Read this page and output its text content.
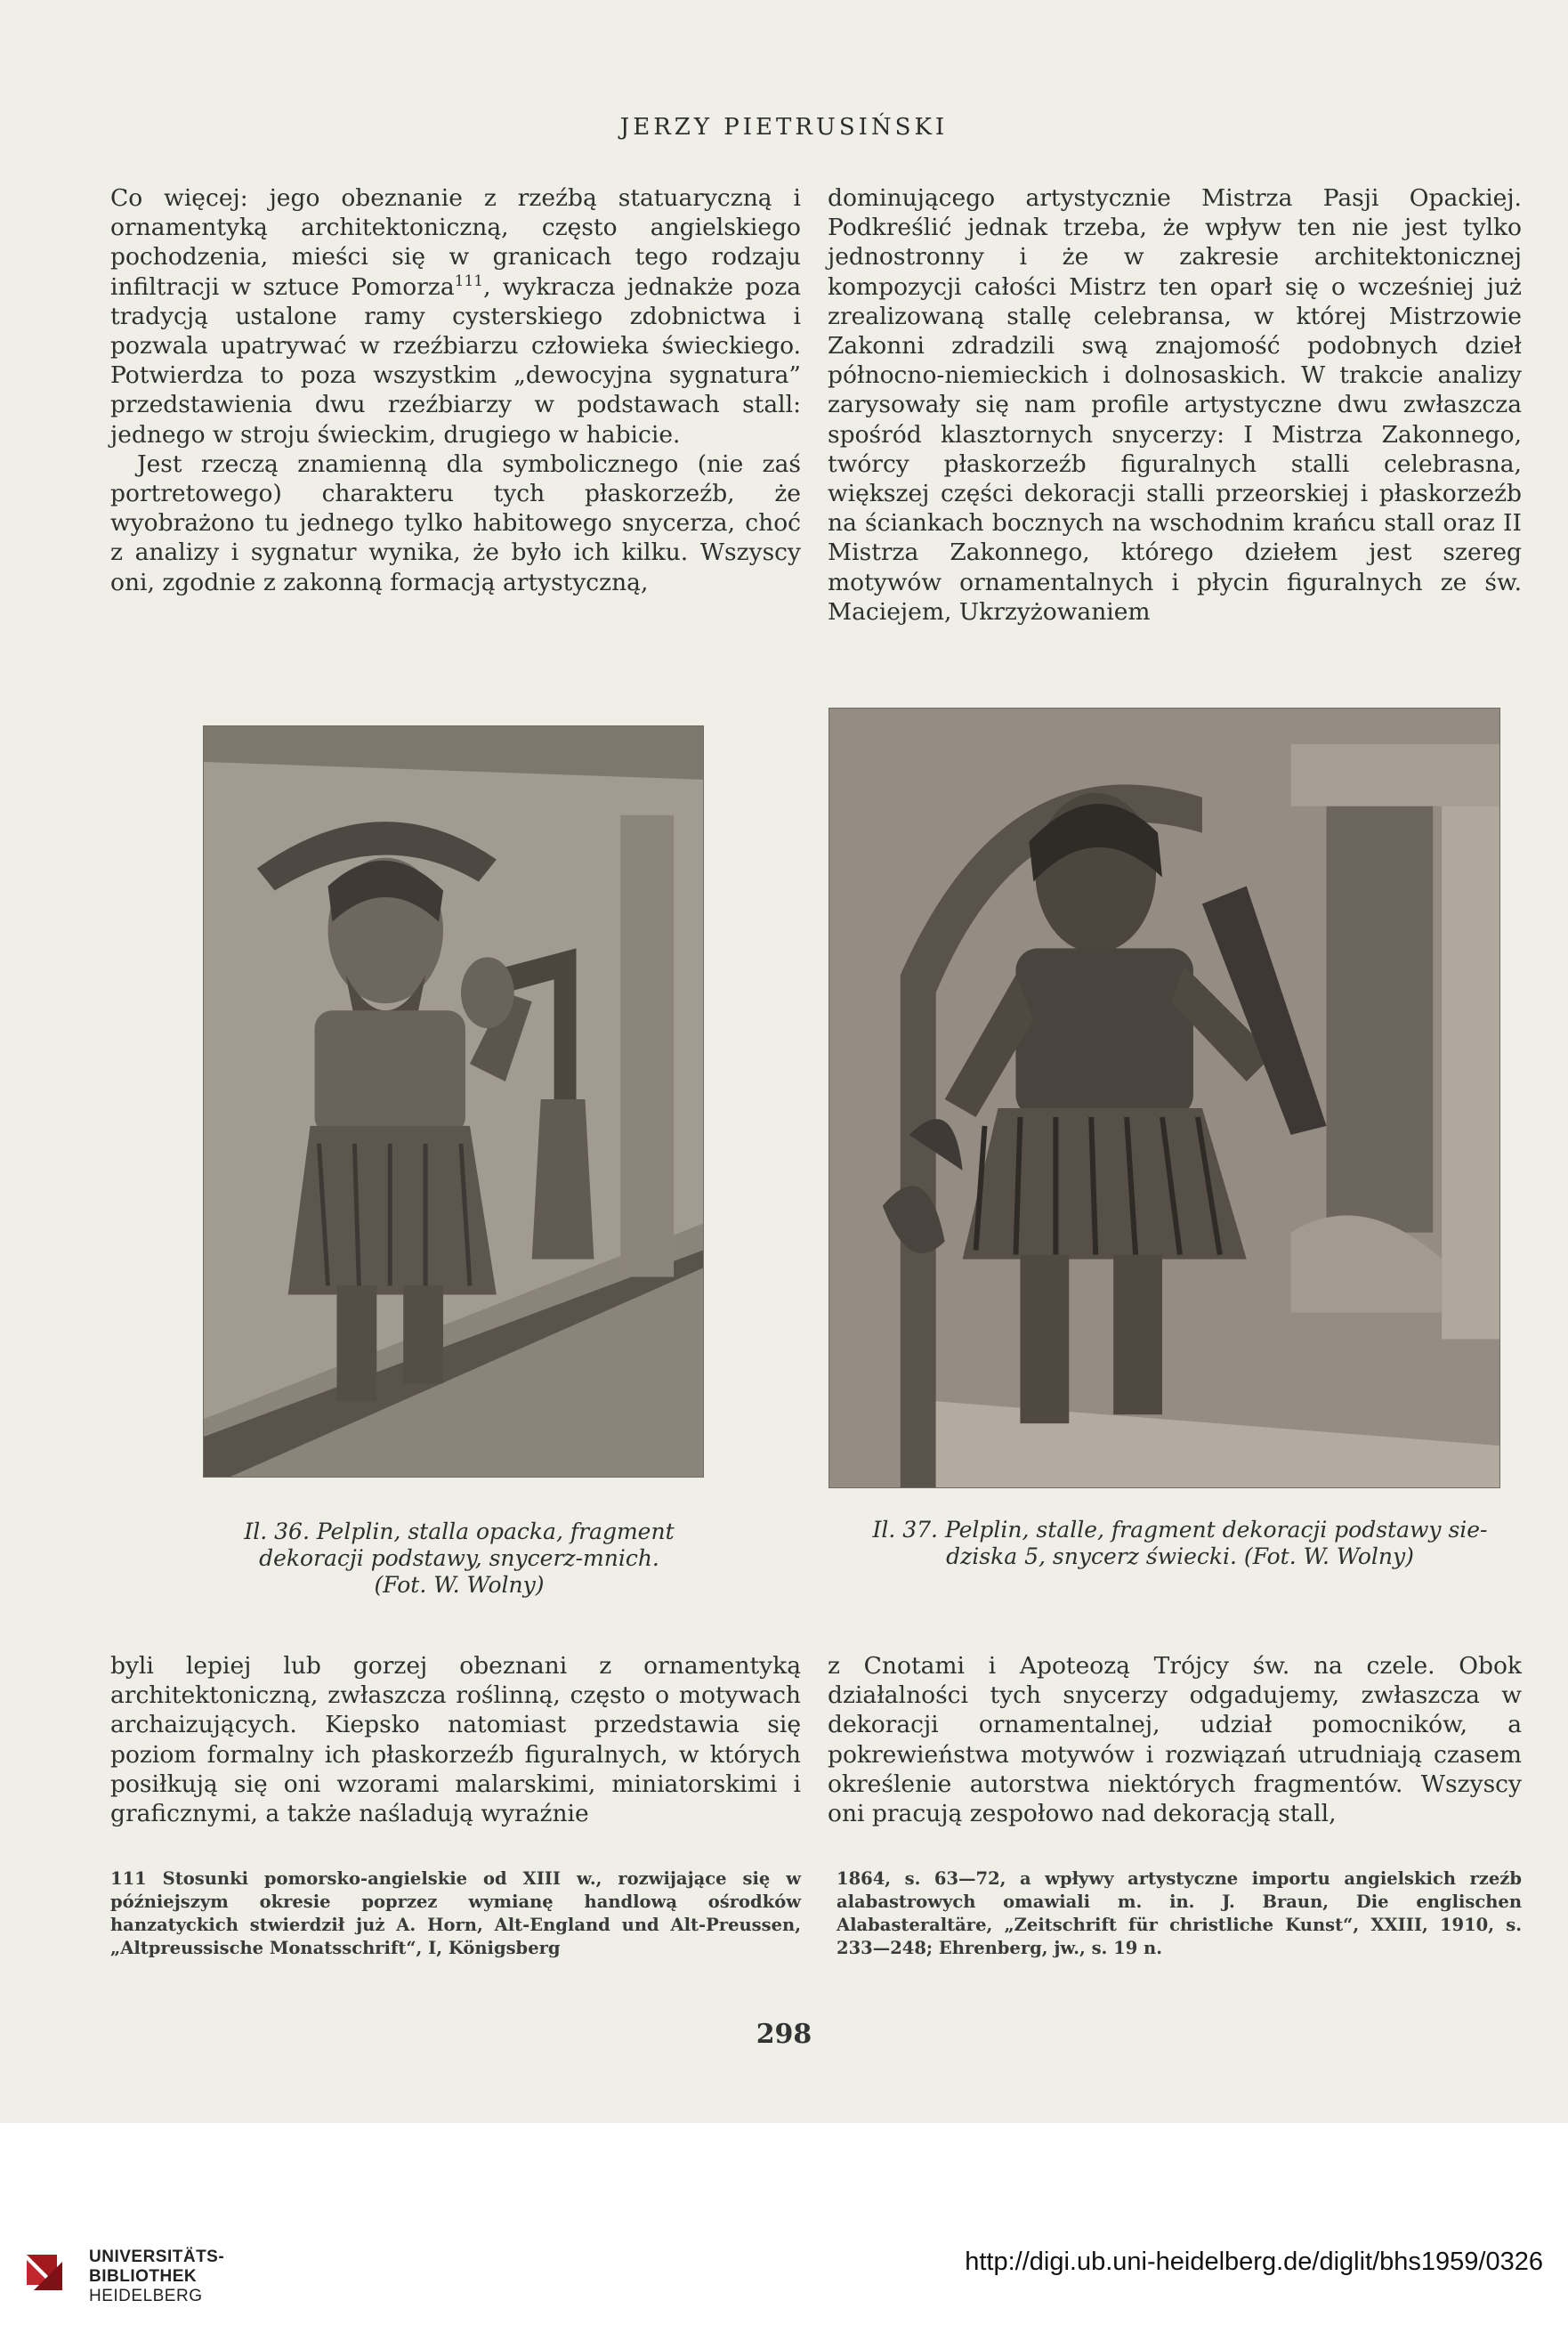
JERZY PIETRUSIŃSKI

Co więcej: jego obeznanie z rzeźbą statuaryczną i ornamentyką architektoniczną, często angielskiego pochodzenia, mieści się w granicach tego rodzaju infiltracji w sztuce Pomorza$^{111}$, wykracza jednakże poza tradycją ustalone ramy cysterskiego zdobnictwa i pozwala upatrywać w rzeźbiarzu człowieka świeckiego. Potwierdza to poza wszystkim „dewocyjna sygnatura” przedstawienia dwu rzeźbiarzy w podstawach stall: jednego w stroju świeckim, drugiego w habicie.

Jest rzeczą znamienną dla symbolicznego (nie zaś portretowego) charakteru tych płaskorzeźb, że wyobrażono tu jednego tylko habitowego snycerza, choć z analizy i sygnatur wynika, że było ich kilku. Wszyscy oni, zgodnie z zakonną formacją artystyczną,

dominującego artystycznie Mistrza Pasji Opackiej. Podkreślić jednak trzeba, że wpływ ten nie jest tylko jednostronny i że w zakresie architektonicznej kompozycji całości Mistrz ten oparł się o wcześniej już zrealizowaną stallę celebransa, w której Mistrzowie Zakonni zdradzili swą znajomość podobnych dzieł północno-niemieckich i dolnosaskich. W trakcie analizy zarysowały się nam profile artystyczne dwu zwłaszcza spośród klasztornych snycerzy: I Mistrza Zakonnego, twórcy płaskorzeźb figuralnych stalli celebrasna, większej części dekoracji stalli przeorskiej i płaskorzeźb na ściankach bocznych na wschodnim krańcu stall oraz II Mistrza Zakonnego, którego dziełem jest szereg motywów ornamentalnych i płycin figuralnych ze św. Maciejem, Ukrzyżowaniem

Il. 36. Pelplin, stalla opacka, fragment
dekoracji podstawy, snycerz-mnich.
(Fot. W. Wolny)
Il. 37. Pelplin, stalle, fragment dekoracji podstawy sie-
dziska 5, snycerz świecki. (Fot. W. Wolny)

byli lepiej lub gorzej obeznani z ornamentyką architektoniczną, zwłaszcza roślinną, często o motywach archaizujących. Kiepsko natomiast przedstawia się poziom formalny ich płaskorzeźb figuralnych, w których posiłkują się oni wzorami malarskimi, miniatorskimi i graficznymi, a także naśladują wyraźnie

z Cnotami i Apoteozą Trójcy św. na czele. Obok działalności tych snycerzy odgadujemy, zwłaszcza w dekoracji ornamentalnej, udział pomocników, a pokrewieństwa motywów i rozwiązań utrudniają czasem określenie autorstwa niektórych fragmentów. Wszyscy oni pracują zespołowo nad dekoracją stall,

111 Stosunki pomorsko-angielskie od XIII w., rozwijające się w późniejszym okresie poprzez wymianę handlową ośrodków hanzatyckich stwierdził już A. Horn, Alt-England und Alt-Preussen, „Altpreussische Monatsschrift“, I, Königsberg
1864, s. 63—72, a wpływy artystyczne importu angielskich rzeźb alabastrowych omawiali m. in. J. Braun, Die englischen Alabasteraltäre, „Zeitschrift für christliche Kunst“, XXIII, 1910, s. 233—248; Ehrenberg, jw., s. 19 n.
298
UNIVERSITÄTS-
BIBLIOTHEK
HEIDELBERG
http://digi.ub.uni-heidelberg.de/diglit/bhs1959/0326
